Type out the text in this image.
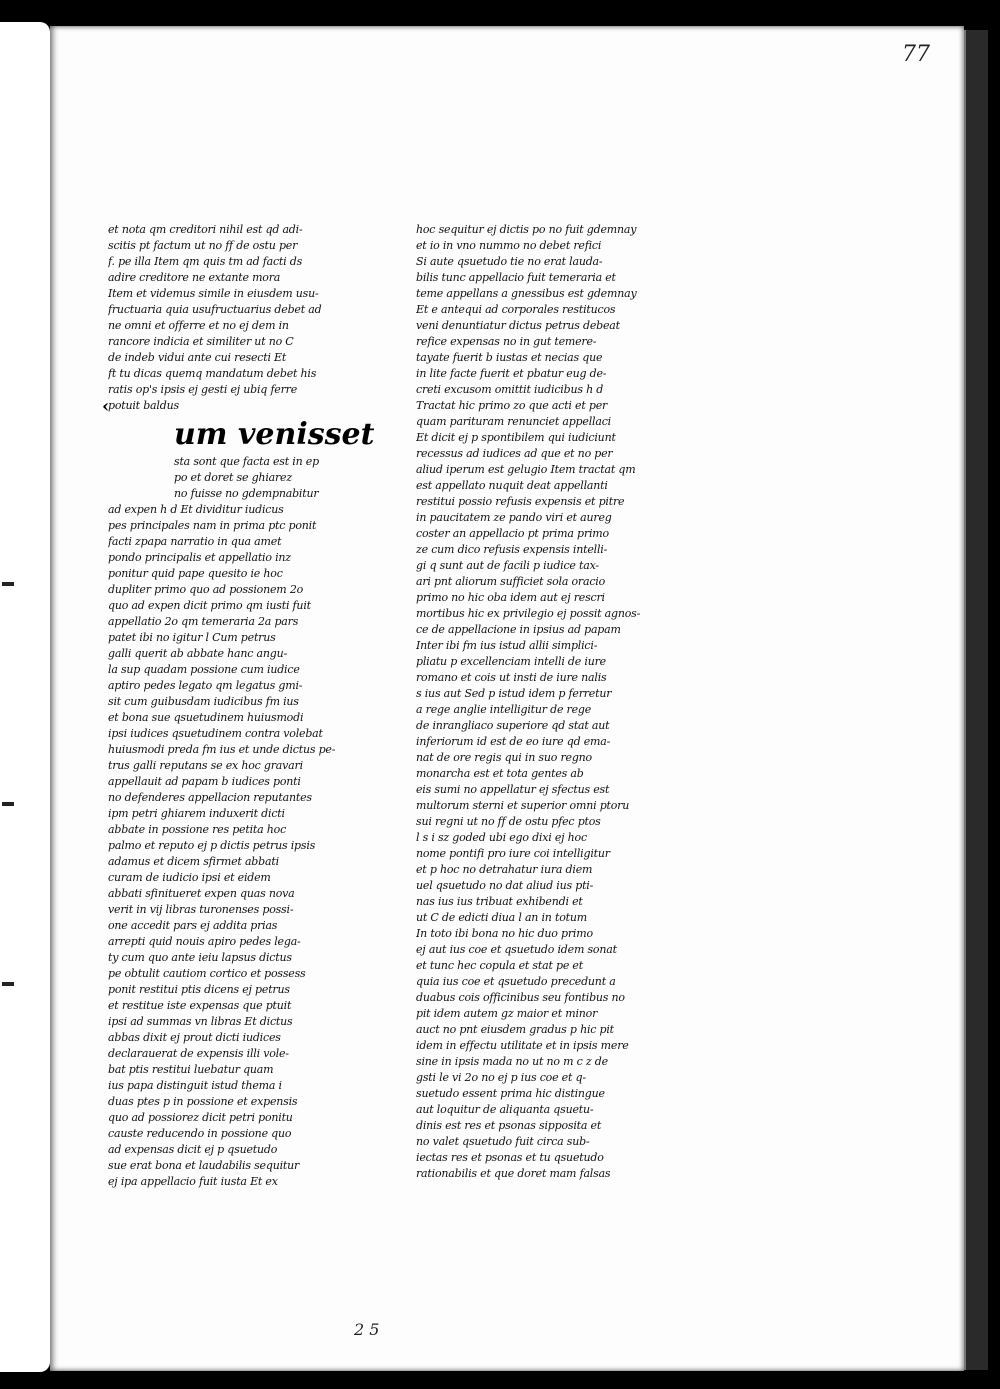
77
et nota qm creditori nihil est qd adi-
scitis pt factum ut no ff de ostu per
f. pe illa Item qm quis tm ad facti ds
adire creditore ne extante mora
Item et videmus simile in eiusdem usu-
fructuaria quia usufructuarius debet ad
ne omni et offerre et no ej dem in
rancore indicia et similiter ut no C
de indeb vidui ante cui resecti Et
ft tu dicas quemq mandatum debet his
ratis op's ipsis ej gesti ej ubiq ferre
potuit baldus
um venisset
sta sont que facta est in ep
po et doret se ghiarez
no fuisse no gdempnabitur
ad expen h d Et dividitur iudicus
pes principales nam in prima ptc ponit
facti zpapa narratio in qua amet
pondo principalis et appellatio inz
ponitur quid pape quesito ie hoc
dupliter primo quo ad possionem 2o
quo ad expen dicit primo qm iusti fuit
appellatio 2o qm temeraria 2a pars
patet ibi no igitur l Cum petrus
galli querit ab abbate hanc angu-
la sup quadam possione cum iudice
aptiro pedes legato qm legatus gmi-
sit cum guibusdam iudicibus fm ius
et bona sue qsuetudinem huiusmodi
ipsi iudices qsuetudinem contra volebat
huiusmodi preda fm ius et unde dictus pe-
trus galli reputans se ex hoc gravari
appellauit ad papam b iudices ponti
no defenderes appellacion reputantes
ipm petri ghiarem induxerit dicti
abbate in possione res petita hoc
palmo et reputo ej p dictis petrus ipsis
adamus et dicem sfirmet abbati
curam de iudicio ipsi et eidem
abbati sfinitueret expen quas nova
verit in vij libras turonenses possi-
one accedit pars ej addita prias
arrepti quid nouis apiro pedes lega-
ty cum quo ante ieiu lapsus dictus
pe obtulit cautiom cortico et possess
ponit restitui ptis dicens ej petrus
et restitue iste expensas que ptuit
ipsi ad summas vn libras Et dictus
abbas dixit ej prout dicti iudices
declarauerat de expensis illi vole-
bat ptis restitui luebatur quam
ius papa distinguit istud thema i
duas ptes p in possione et expensis
quo ad possiorez dicit petri ponitu
causte reducendo in possione quo
ad expensas dicit ej p qsuetudo
sue erat bona et laudabilis sequitur
ej ipa appellacio fuit iusta Et ex
‹
hoc sequitur ej dictis po no fuit gdemnay
et io in vno nummo no debet refici
Si aute qsuetudo tie no erat lauda-
bilis tunc appellacio fuit temeraria et
teme appellans a gnessibus est gdemnay
Et e antequi ad corporales restitucos
veni denuntiatur dictus petrus debeat
refice expensas no in gut temere-
tayate fuerit b iustas et necias que
in lite facte fuerit et pbatur eug de-
creti excusom omittit iudicibus h d
Tractat hic primo zo que acti et per
quam parituram renunciet appellaci
Et dicit ej p spontibilem qui iudiciunt
recessus ad iudices ad que et no per
aliud iperum est gelugio Item tractat qm
est appellato nuquit deat appellanti
restitui possio refusis expensis et pitre
in paucitatem ze pando viri et aureg
coster an appellacio pt prima primo
ze cum dico refusis expensis intelli-
gi q sunt aut de facili p iudice tax-
ari pnt aliorum sufficiet sola oracio
primo no hic oba idem aut ej rescri
mortibus hic ex privilegio ej possit agnos-
ce de appellacione in ipsius ad papam
Inter ibi fm ius istud allii simplici-
pliatu p excellenciam intelli de iure
romano et cois ut insti de iure nalis
s ius aut Sed p istud idem p ferretur
a rege anglie intelligitur de rege
de inrangliaco superiore qd stat aut
inferiorum id est de eo iure qd ema-
nat de ore regis qui in suo regno
monarcha est et tota gentes ab
eis sumi no appellatur ej sfectus est
multorum sterni et superior omni ptoru
sui regni ut no ff de ostu pfec ptos
l s i sz goded ubi ego dixi ej hoc
nome pontifi pro iure coi intelligitur
et p hoc no detrahatur iura diem
uel qsuetudo no dat aliud ius pti-
nas ius ius tribuat exhibendi et
ut C de edicti diua l an in totum
In toto ibi bona no hic duo primo
ej aut ius coe et qsuetudo idem sonat
et tunc hec copula et stat pe et
quia ius coe et qsuetudo precedunt a
duabus cois officinibus seu fontibus no
pit idem autem gz maior et minor
auct no pnt eiusdem gradus p hic pit
idem in effectu utilitate et in ipsis mere
sine in ipsis mada no ut no m c z de
gsti le vi 2o no ej p ius coe et q-
suetudo essent prima hic distingue
aut loquitur de aliquanta qsuetu-
dinis est res et psonas sipposita et
no valet qsuetudo fuit circa sub-
iectas res et psonas et tu qsuetudo
rationabilis et que doret mam falsas
2 5
